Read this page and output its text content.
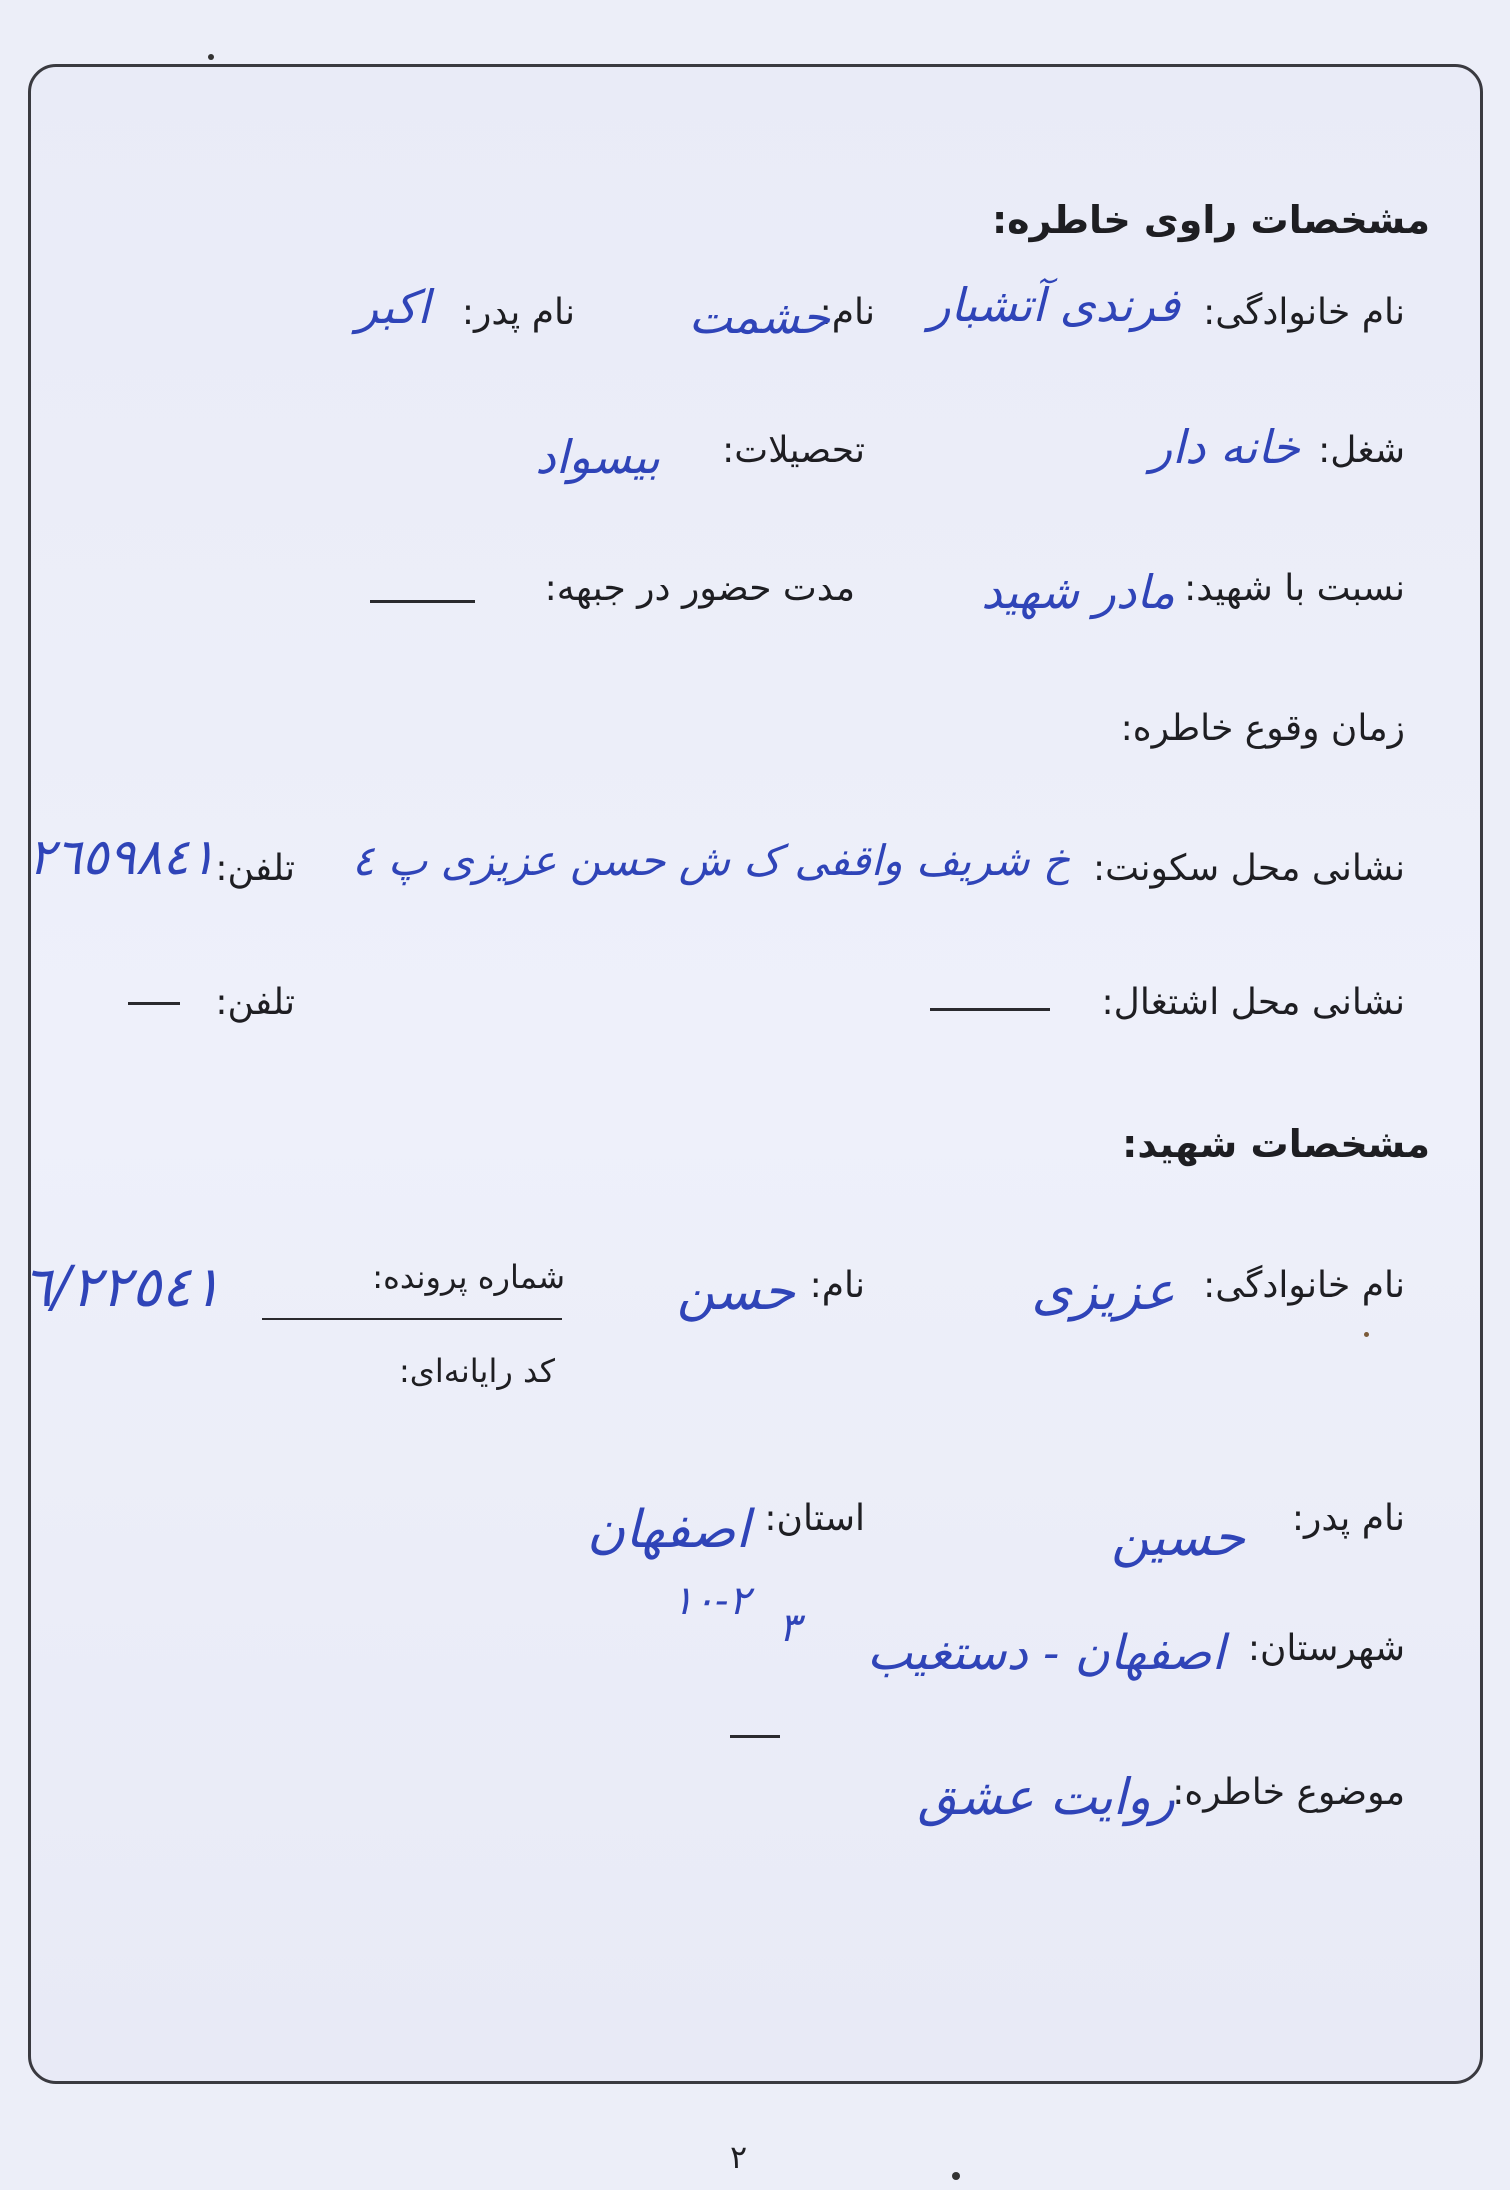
مشخصات راوی خاطره:
نام خانوادگی:
فرندی آتشبار
نام:
حشمت
نام پدر:
اکبر
شغل:
خانه دار
تحصیلات:
بیسواد
نسبت با شهید:
مادر شهید
مدت حضور در جبهه:
زمان وقوع خاطره:
نشانی محل سکونت:
خ شریف واقفی ک ش حسن عزیزی پ ٤
تلفن:
٢٦٥٩٨٤١
نشانی محل اشتغال:
تلفن:
مشخصات شهید:
نام خانوادگی:
عزیزی
نام:
حسن
شماره پرونده:
٦/٢٢٥٤١
کد رایانه‌ای:
نام پدر:
حسین
استان:
اصفهان
٢-١٠
٣	شهرستان:
اصفهان - دستغیب
موضوع خاطره:
روایت عشق
٢
